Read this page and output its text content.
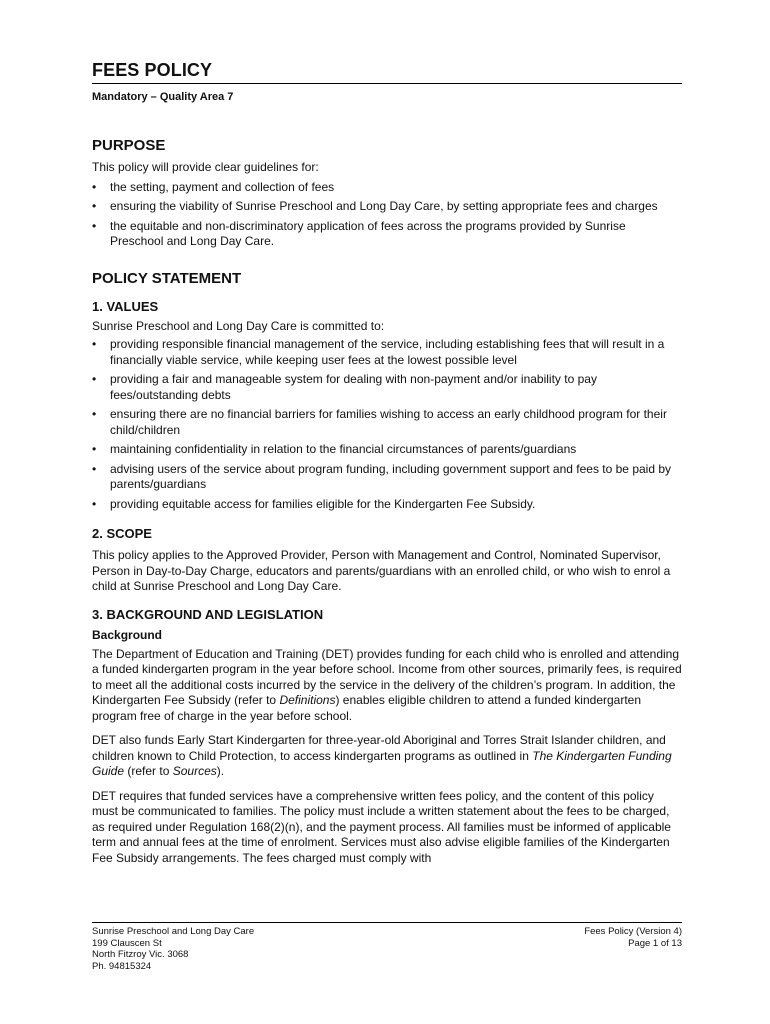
FEES POLICY

Mandatory – Quality Area 7

PURPOSE

This policy will provide clear guidelines for:

• the setting, payment and collection of fees
• ensuring the viability of Sunrise Preschool and Long Day Care, by setting appropriate fees and charges
• the equitable and non-discriminatory application of fees across the programs provided by Sunrise Preschool and Long Day Care.
POLICY STATEMENT
1. VALUES

Sunrise Preschool and Long Day Care is committed to:

• providing responsible financial management of the service, including establishing fees that will result in a financially viable service, while keeping user fees at the lowest possible level
• providing a fair and manageable system for dealing with non-payment and/or inability to pay fees/outstanding debts
• ensuring there are no financial barriers for families wishing to access an early childhood program for their child/children
• maintaining confidentiality in relation to the financial circumstances of parents/guardians
• advising users of the service about program funding, including government support and fees to be paid by parents/guardians
• providing equitable access for families eligible for the Kindergarten Fee Subsidy.
2. SCOPE

This policy applies to the Approved Provider, Person with Management and Control, Nominated Supervisor, Person in Day-to-Day Charge, educators and parents/guardians with an enrolled child, or who wish to enrol a child at Sunrise Preschool and Long Day Care.

3. BACKGROUND AND LEGISLATION

Background

The Department of Education and Training (DET) provides funding for each child who is enrolled and attending a funded kindergarten program in the year before school. Income from other sources, primarily fees, is required to meet all the additional costs incurred by the service in the delivery of the children’s program. In addition, the Kindergarten Fee Subsidy (refer to Definitions) enables eligible children to attend a funded kindergarten program free of charge in the year before school.

DET also funds Early Start Kindergarten for three-year-old Aboriginal and Torres Strait Islander children, and children known to Child Protection, to access kindergarten programs as outlined in The Kindergarten Funding Guide (refer to Sources).

DET requires that funded services have a comprehensive written fees policy, and the content of this policy must be communicated to families. The policy must include a written statement about the fees to be charged, as required under Regulation 168(2)(n), and the payment process. All families must be informed of applicable term and annual fees at the time of enrolment. Services must also advise eligible families of the Kindergarten Fee Subsidy arrangements. The fees charged must comply with

Sunrise Preschool and Long Day Care
199 Clauscen St
North Fitzroy Vic. 3068
Ph. 94815324
Fees Policy (Version 4)
Page 1 of 13
